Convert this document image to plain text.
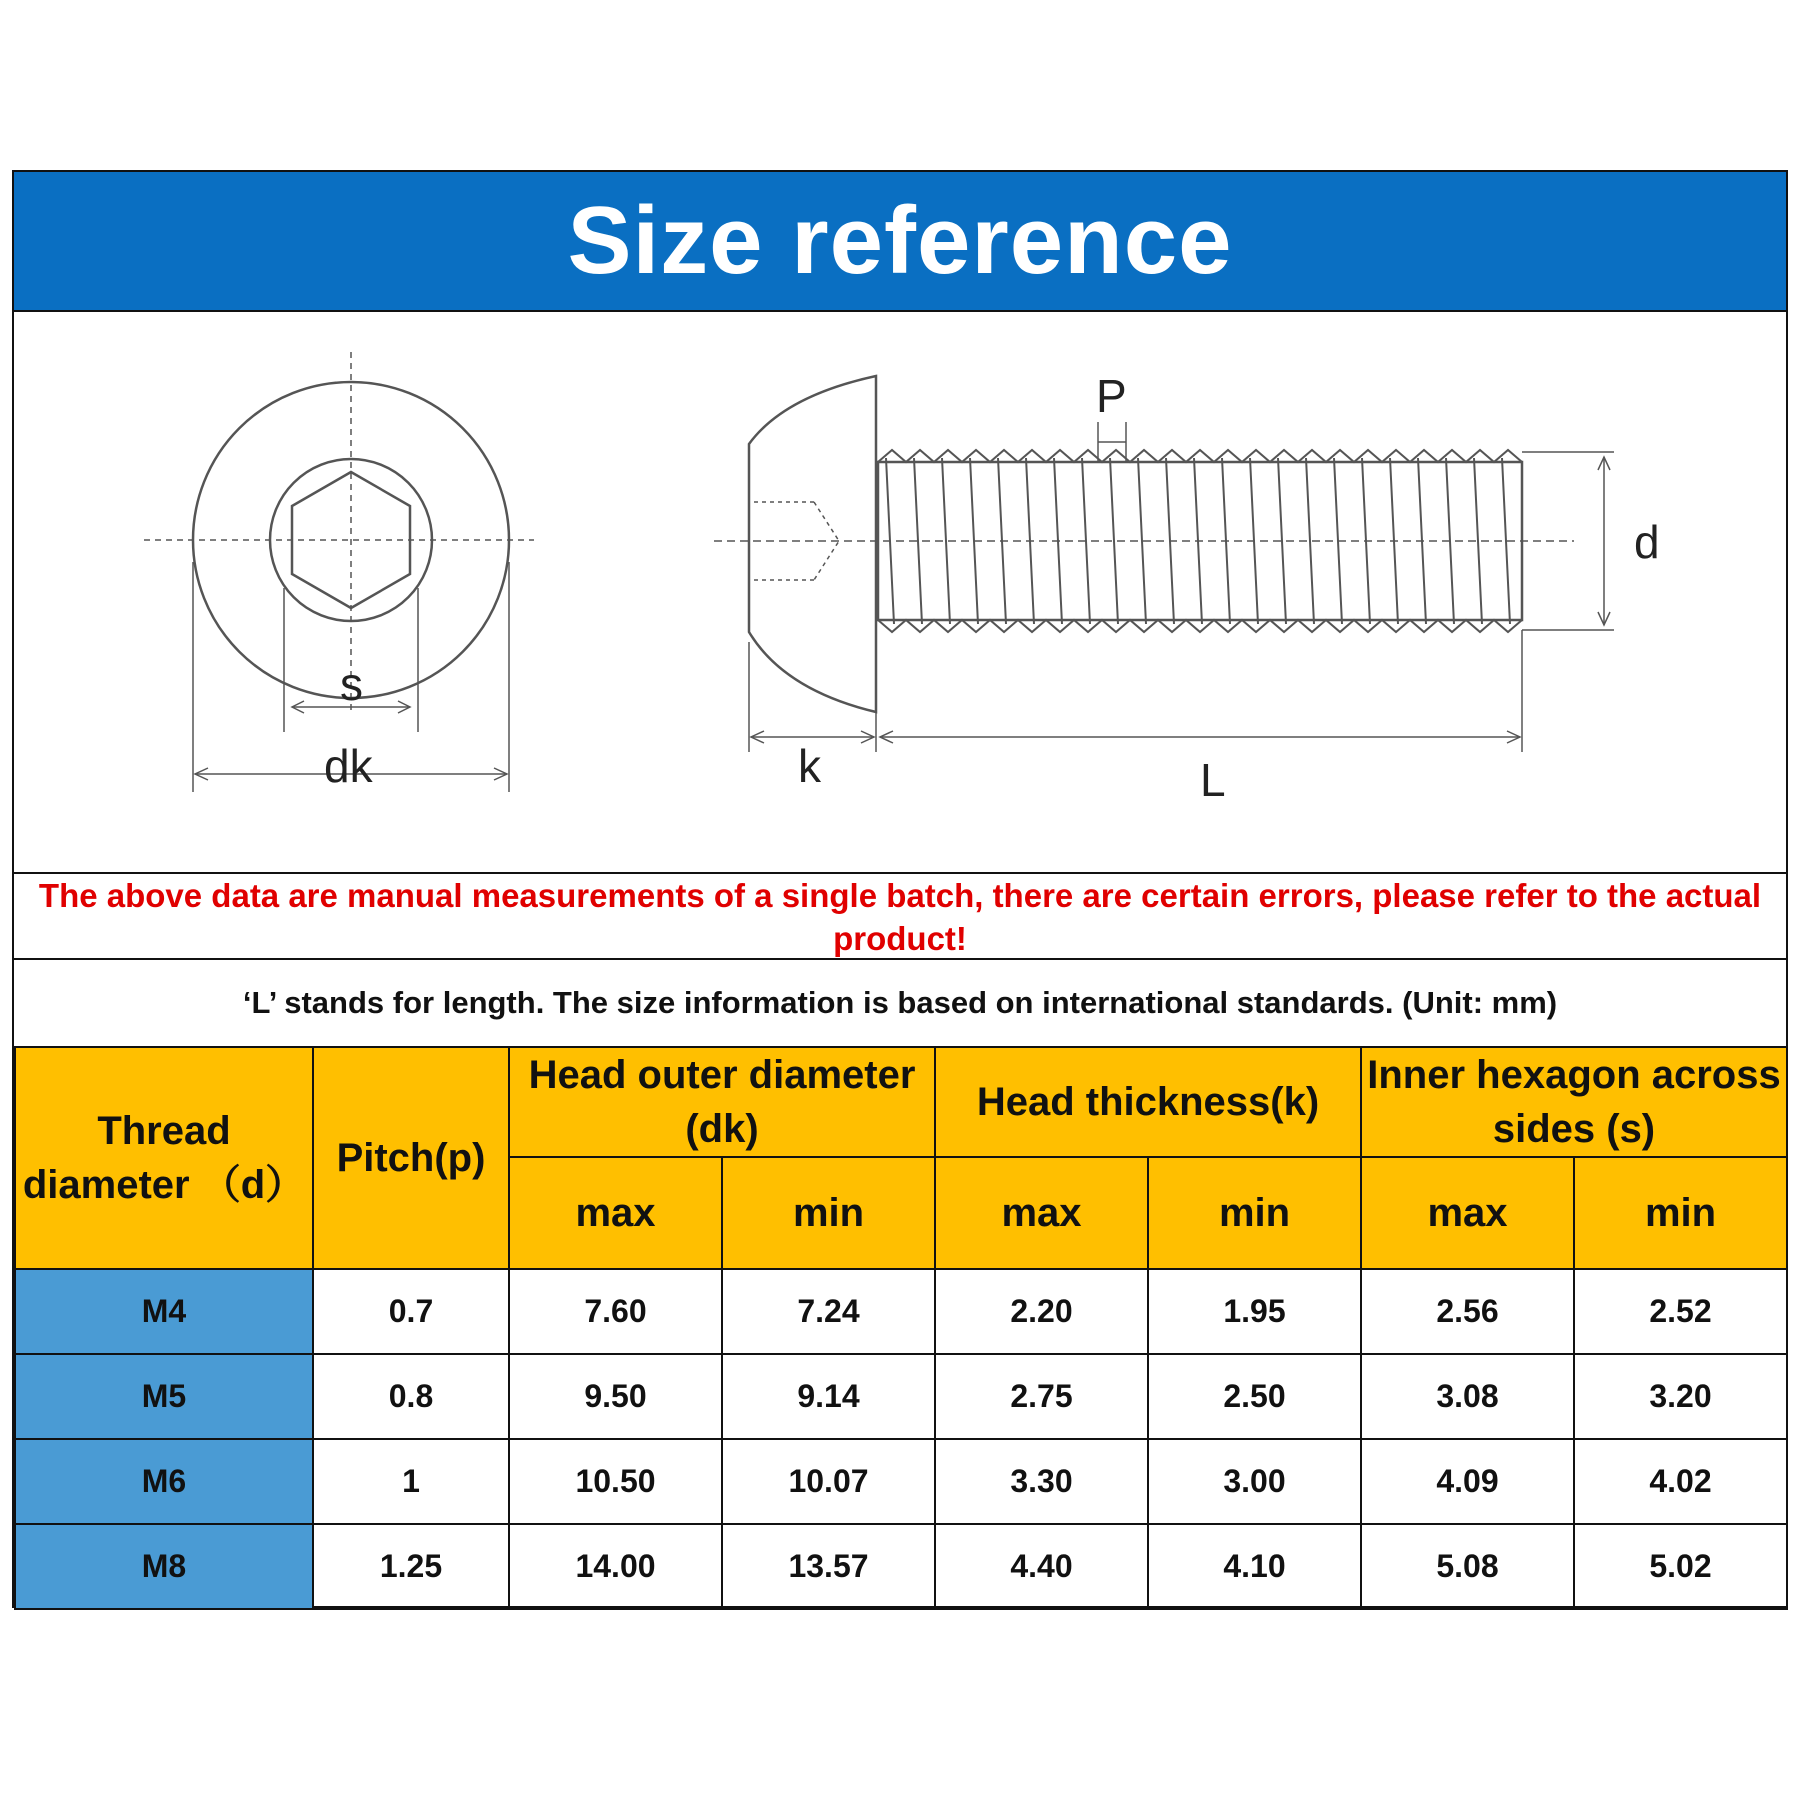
Size reference
s
dk
P
d
k	L
The above data are manual measurements of a single batch, there are certain errors, please refer to the actual product!
‘L’ stands for length. The size information is based on international standards. (Unit: mm)
Thread diameter （d）	Pitch(p)	Head outer diameter (dk)		Head thickness(k)		Inner hexagon across sides (s)	
		max	min	max	min	max	min
M4	0.7	7.60	7.24	2.20	1.95	2.56	2.52
M5	0.8	9.50	9.14	2.75	2.50	3.08	3.20
M6	1	10.50	10.07	3.30	3.00	4.09	4.02
M8	1.25	14.00	13.57	4.40	4.10	5.08	5.02
